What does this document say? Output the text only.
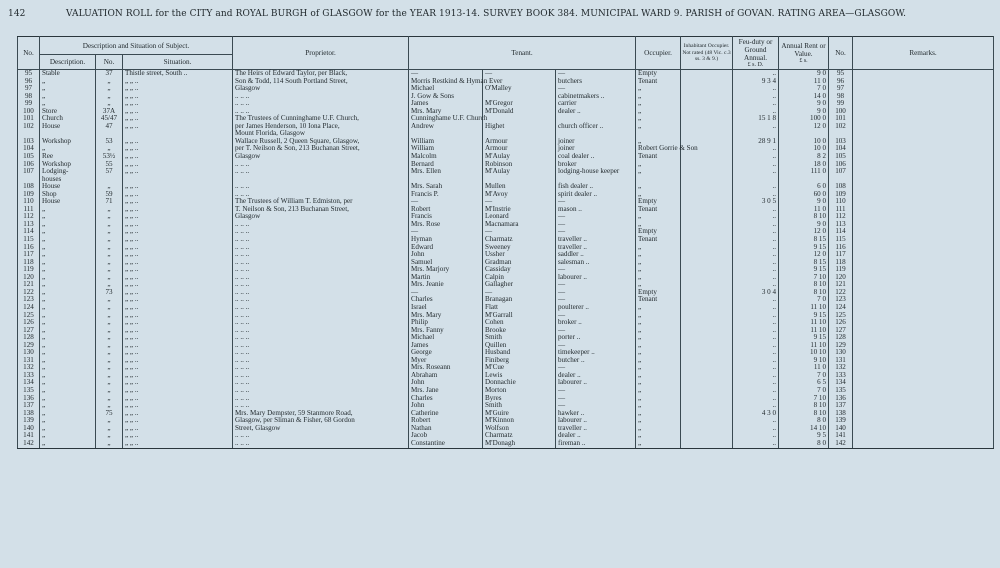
142	VALUATION ROLL for the CITY and ROYAL BURGH of GLASGOW for the YEAR 1913-14. SURVEY BOOK 384. MUNICIPAL WARD 9. PARISH of GOVAN. RATING AREA—GLASGOW.
No.	Description and Situation of Subject.			Proprietor.	Tenant.			Occupier.	Inhabitant Occupier. Not rated (48 Vic. c.3 ss. 3 & 9.)	Feu-duty or Ground Annual.
£ s. D.	Annual Rent or Value.
£ s.	No.	Remarks.
	Description.	No.	Situation.										
95	Stable	37	Thistle street, South ..	The Heirs of Edward Taylor, per Black,	—	—	—	Empty		..	9 0	95	
96	„	„	„ „ ..	Son & Todd, 114 South Portland Street,	Morris Restkind & Hyman Ever		butchers	Tenant		9 3 4	11 0	96	
97	„	„	„ „ ..	Glasgow	Michael	O'Malley	—	„		..	7 0	97	
98	„	„	„ „ ..	.. .. ..	J. Gow & Sons		cabinetmakers ..	„		..	14 0	98	
99	„	„	„ „ ..	.. .. ..	James	M'Gregor	carrier	„		..	9 0	99	
100	Store	37A	„ „ ..	.. .. ..	Mrs. Mary	M'Donald	dealer ..	„		..	9 0	100	
101	Church	45/47	„ „ ..	The Trustees of Cunninghame U.F. Church,	Cunninghame U.F. Church			„		15 1 8	100 0	101	
102	House	47	„ „ ..	per James Henderson, 10 Iona Place,	Andrew	Highet	church officer ..	„		..	12 0	102	
				Mount Florida, Glasgow									
103	Workshop	53	„ „ ..	Wallace Russell, 2 Queen Square, Glasgow,	William	Armour	joiner	„		28 9 1	10 0	103	
104	„	„	„ „ ..	per T. Neilson & Son, 213 Buchanan Street,	William	Armour	joiner	Robert Gorrie & Son		..	10 0	104	
105	Ree	53½	„ „ ..	Glasgow	Malcolm	M'Aulay	coal dealer ..	Tenant		..	8 2	105	
106	Workshop	55	„ „ ..	.. .. ..	Bernard	Robinson	broker	„		..	18 0	106	
107	Lodging-	57	„ „ ..	.. .. ..	Mrs. Ellen	M'Aulay	lodging-house keeper	„		..	111 0	107	
	houses												
108	House	„	„ „ ..	.. .. ..	Mrs. Sarah	Mullen	fish dealer ..	„		..	6 0	108	
109	Shop	59	„ „ ..	.. .. ..	Francis P.	M'Avoy	spirit dealer ..	„		..	60 0	109	
110	House	71	„ „ ..	The Trustees of William T. Edmiston, per	—	—	—	Empty		3 0 5	9 0	110	
111	„	„	„ „ ..	T. Neilson & Son, 213 Buchanan Street,	Robert	M'Instrie	mason ..	Tenant		..	11 0	111	
112	„	„	„ „ ..	Glasgow	Francis	Leonard	—	„		..	8 10	112	
113	„	„	„ „ ..	.. .. ..	Mrs. Rose	Macnamara	—	„		..	9 0	113	
114	„	„	„ „ ..	.. .. ..	—	—	—	Empty		..	12 0	114	
115	„	„	„ „ ..	.. .. ..	Hyman	Charmatz	traveller ..	Tenant		..	8 15	115	
116	„	„	„ „ ..	.. .. ..	Edward	Sweeney	traveller ..	„		..	9 15	116	
117	„	„	„ „ ..	.. .. ..	John	Ussher	saddler ..	„		..	12 0	117	
118	„	„	„ „ ..	.. .. ..	Samuel	Gradman	salesman ..	„		..	8 15	118	
119	„	„	„ „ ..	.. .. ..	Mrs. Marjory	Cassiday	—	„		..	9 15	119	
120	„	„	„ „ ..	.. .. ..	Martin	Calpin	labourer ..	„		..	7 10	120	
121	„	„	„ „ ..	.. .. ..	Mrs. Jeanie	Gallagher	—	„		..	8 10	121	
122	„	73	„ „ ..	.. .. ..	—	—	—	Empty		3 0 4	8 10	122	
123	„	„	„ „ ..	.. .. ..	Charles	Branagan	—	Tenant		..	7 0	123	
124	„	„	„ „ ..	.. .. ..	Israel	Flatt	poulterer ..	„		..	11 10	124	
125	„	„	„ „ ..	.. .. ..	Mrs. Mary	M'Garrall	—	„		..	9 15	125	
126	„	„	„ „ ..	.. .. ..	Philip	Cohen	broker ..	„		..	11 10	126	
127	„	„	„ „ ..	.. .. ..	Mrs. Fanny	Brooke	—	„		..	11 10	127	
128	„	„	„ „ ..	.. .. ..	Michael	Smith	porter ..	„		..	9 15	128	
129	„	„	„ „ ..	.. .. ..	James	Quillen	—	„		..	11 10	129	
130	„	„	„ „ ..	.. .. ..	George	Husband	timekeeper ..	„		..	10 10	130	
131	„	„	„ „ ..	.. .. ..	Myer	Finiberg	butcher ..	„		..	9 10	131	
132	„	„	„ „ ..	.. .. ..	Mrs. Roseann	M'Cue	—	„		..	11 0	132	
133	„	„	„ „ ..	.. .. ..	Abraham	Lewis	dealer ..	„		..	7 0	133	
134	„	„	„ „ ..	.. .. ..	John	Donnachie	labourer ..	„		..	6 5	134	
135	„	„	„ „ ..	.. .. ..	Mrs. Jane	Morton	—	„		..	7 0	135	
136	„	„	„ „ ..	.. .. ..	Charles	Byres	—	„		..	7 10	136	
137	„	„	„ „ ..	.. .. ..	John	Smith	—	„		..	8 10	137	
138	„	75	„ „ ..	Mrs. Mary Dempster, 59 Stanmore Road,	Catherine	M'Guire	hawker ..	„		4 3 0	8 10	138	
139	„	„	„ „ ..	Glasgow, per Sliman & Fisher, 68 Gordon	Robert	M'Kinnon	labourer ..	„		..	8 0	139	
140	„	„	„ „ ..	Street, Glasgow	Nathan	Wolfson	traveller ..	„		..	14 10	140	
141	„	„	„ „ ..	.. .. ..	Jacob	Charmatz	dealer ..	„		..	9 5	141	
142	„	„	„ „ ..	.. .. ..	Constantine	M'Donagh	fireman ..	„		..	8 0	142	
